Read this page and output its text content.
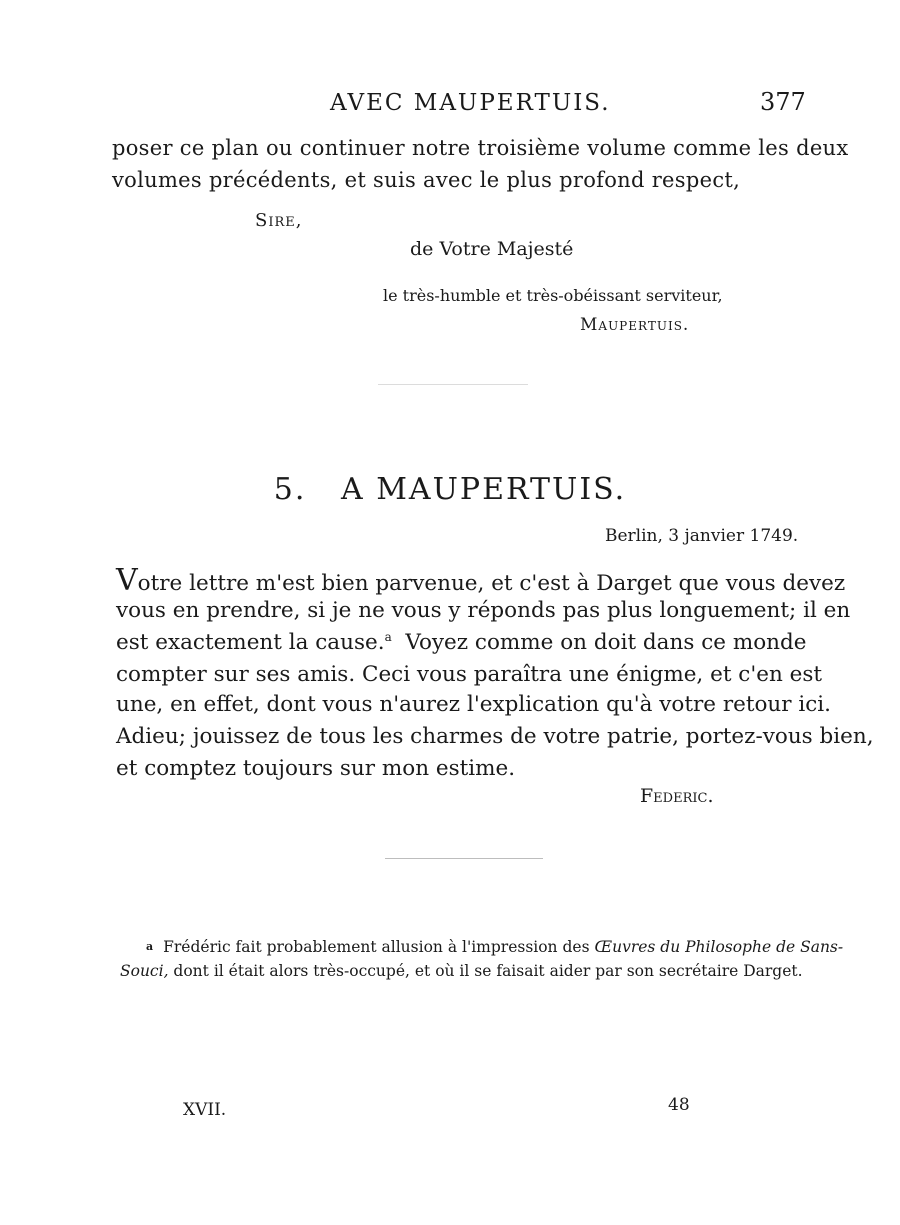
AVEC MAUPERTUIS.	377
poser ce plan ou continuer notre troisième volume comme les deux
volumes précédents, et suis avec le plus profond respect,
Sire,
de Votre Majesté
le très-humble et très-obéissant serviteur,
Maupertuis.
5. A MAUPERTUIS.
Berlin, 3 janvier 1749.
Votre lettre m'est bien parvenue, et c'est à Darget que vous devez
vous en prendre, si je ne vous y réponds pas plus longuement; il en
est exactement la cause.$^a$ Voyez comme on doit dans ce monde
compter sur ses amis. Ceci vous paraîtra une énigme, et c'en est
une, en effet, dont vous n'aurez l'explication qu'à votre retour ici.
Adieu; jouissez de tous les charmes de votre patrie, portez-vous bien,
et comptez toujours sur mon estime.
Federic.
a Frédéric fait probablement allusion à l'impression des Œuvres du Philosophe de Sans-
Souci, dont il était alors très-occupé, et où il se faisait aider par son secrétaire Darget.
XVII.	48
